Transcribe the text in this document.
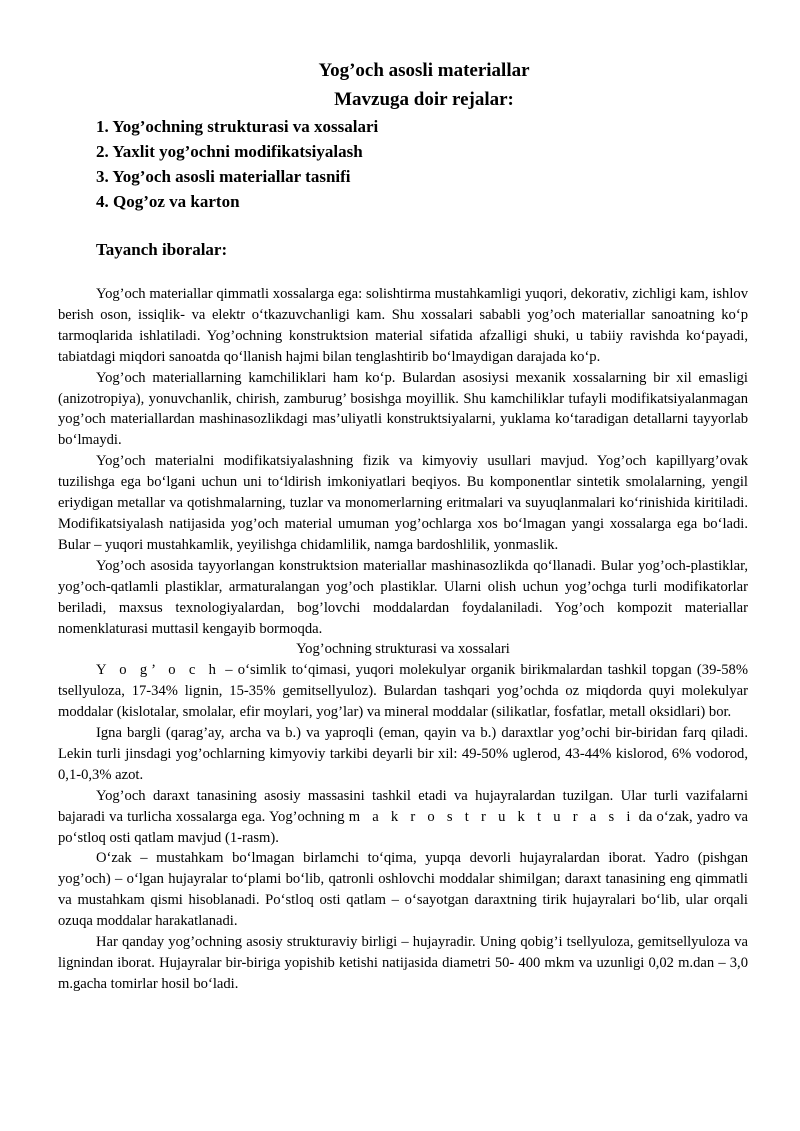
Yog’och asosli materiallar
Mavzuga doir rejalar:
1. Yog’ochning strukturasi va xossalari
2. Yaxlit yog’ochni modifikatsiyalash
3. Yog’och asosli materiallar tasnifi
4. Qog’oz va karton
Tayanch iboralar:

Yog’och materiallar qimmatli xossalarga ega: solishtirma mustahkamligi yuqori, dekorativ, zichligi kam, ishlov berish oson, issiqlik- va elektr o‘tkazuvchanligi kam. Shu xossalari sababli yog’och materiallar sanoatning ko‘p tarmoqlarida ishlatiladi. Yog’ochning konstruktsion material sifatida afzalligi shuki, u tabiiy ravishda ko‘payadi, tabiatdagi miqdori sanoatda qo‘llanish hajmi bilan tenglashtirib bo‘lmaydigan darajada ko‘p.

Yog’och materiallarning kamchiliklari ham ko‘p. Bulardan asosiysi mexanik xossalarning bir xil emasligi (anizotropiya), yonuvchanlik, chirish, zamburug’ bosishga moyillik. Shu kamchiliklar tufayli modifikatsiyalanmagan yog’och materiallardan mashinasozlikdagi mas’uliyatli konstruktsiyalarni, yuklama ko‘taradigan detallarni tayyorlab bo‘lmaydi.

Yog’och materialni modifikatsiyalashning fizik va kimyoviy usullari mavjud. Yog’och kapillyarg’ovak tuzilishga ega bo‘lgani uchun uni to‘ldirish imkoniyatlari beqiyos. Bu komponentlar sintetik smolalarning, yengil eriydigan metallar va qotishmalarning, tuzlar va monomerlarning eritmalari va suyuqlanmalari ko‘rinishida kiritiladi. Modifikatsiyalash natijasida yog’och material umuman yog’ochlarga xos bo‘lmagan yangi xossalarga ega bo‘ladi. Bular – yuqori mustahkamlik, yeyilishga chidamlilik, namga bardoshlilik, yonmaslik.

Yog’och asosida tayyorlangan konstruktsion materiallar mashinasozlikda qo‘llanadi. Bular yog’och-plastiklar, yog’och-qatlamli plastiklar, armaturalangan yog’och plastiklar. Ularni olish uchun yog’ochga turli modifikatorlar beriladi, maxsus texnologiyalardan, bog’lovchi moddalardan foydalaniladi. Yog’och kompozit materiallar nomenklaturasi muttasil kengayib bormoqda.

Yog’ochning strukturasi va xossalari

Y o g’ o c h – o‘simlik to‘qimasi, yuqori molekulyar organik birikmalardan tashkil topgan (39-58% tsellyuloza, 17-34% lignin, 15-35% gemitsellyuloz). Bulardan tashqari yog’ochda oz miqdorda quyi molekulyar moddalar (kislotalar, smolalar, efir moylari, yog’lar) va mineral moddalar (silikatlar, fosfatlar, metall oksidlari) bor.

Igna bargli (qarag’ay, archa va b.) va yaproqli (eman, qayin va b.) daraxtlar yog’ochi bir-biridan farq qiladi. Lekin turli jinsdagi yog’ochlarning kimyoviy tarkibi deyarli bir xil: 49-50% uglerod, 43-44% kislorod, 6% vodorod, 0,1-0,3% azot.

Yog’och daraxt tanasining asosiy massasini tashkil etadi va hujayralardan tuzilgan. Ular turli vazifalarni bajaradi va turlicha xossalarga ega. Yog’ochning m a k r o s t r u k t u r a s i da o‘zak, yadro va po‘stloq osti qatlam mavjud (1-rasm).

O‘zak – mustahkam bo‘lmagan birlamchi to‘qima, yupqa devorli hujayralardan iborat. Yadro (pishgan yog’och) – o‘lgan hujayralar to‘plami bo‘lib, qatronli oshlovchi moddalar shimilgan; daraxt tanasining eng qimmatli va mustahkam qismi hisoblanadi. Po‘stloq osti qatlam – o‘sayotgan daraxtning tirik hujayralari bo‘lib, ular orqali ozuqa moddalar harakatlanadi.

Har qanday yog’ochning asosiy strukturaviy birligi – hujayradir. Uning qobig’i tsellyuloza, gemitsellyuloza va lignindan iborat. Hujayralar bir-biriga yopishib ketishi natijasida diametri 50- 400 mkm va uzunligi 0,02 m.dan – 3,0 m.gacha tomirlar hosil bo‘ladi.
